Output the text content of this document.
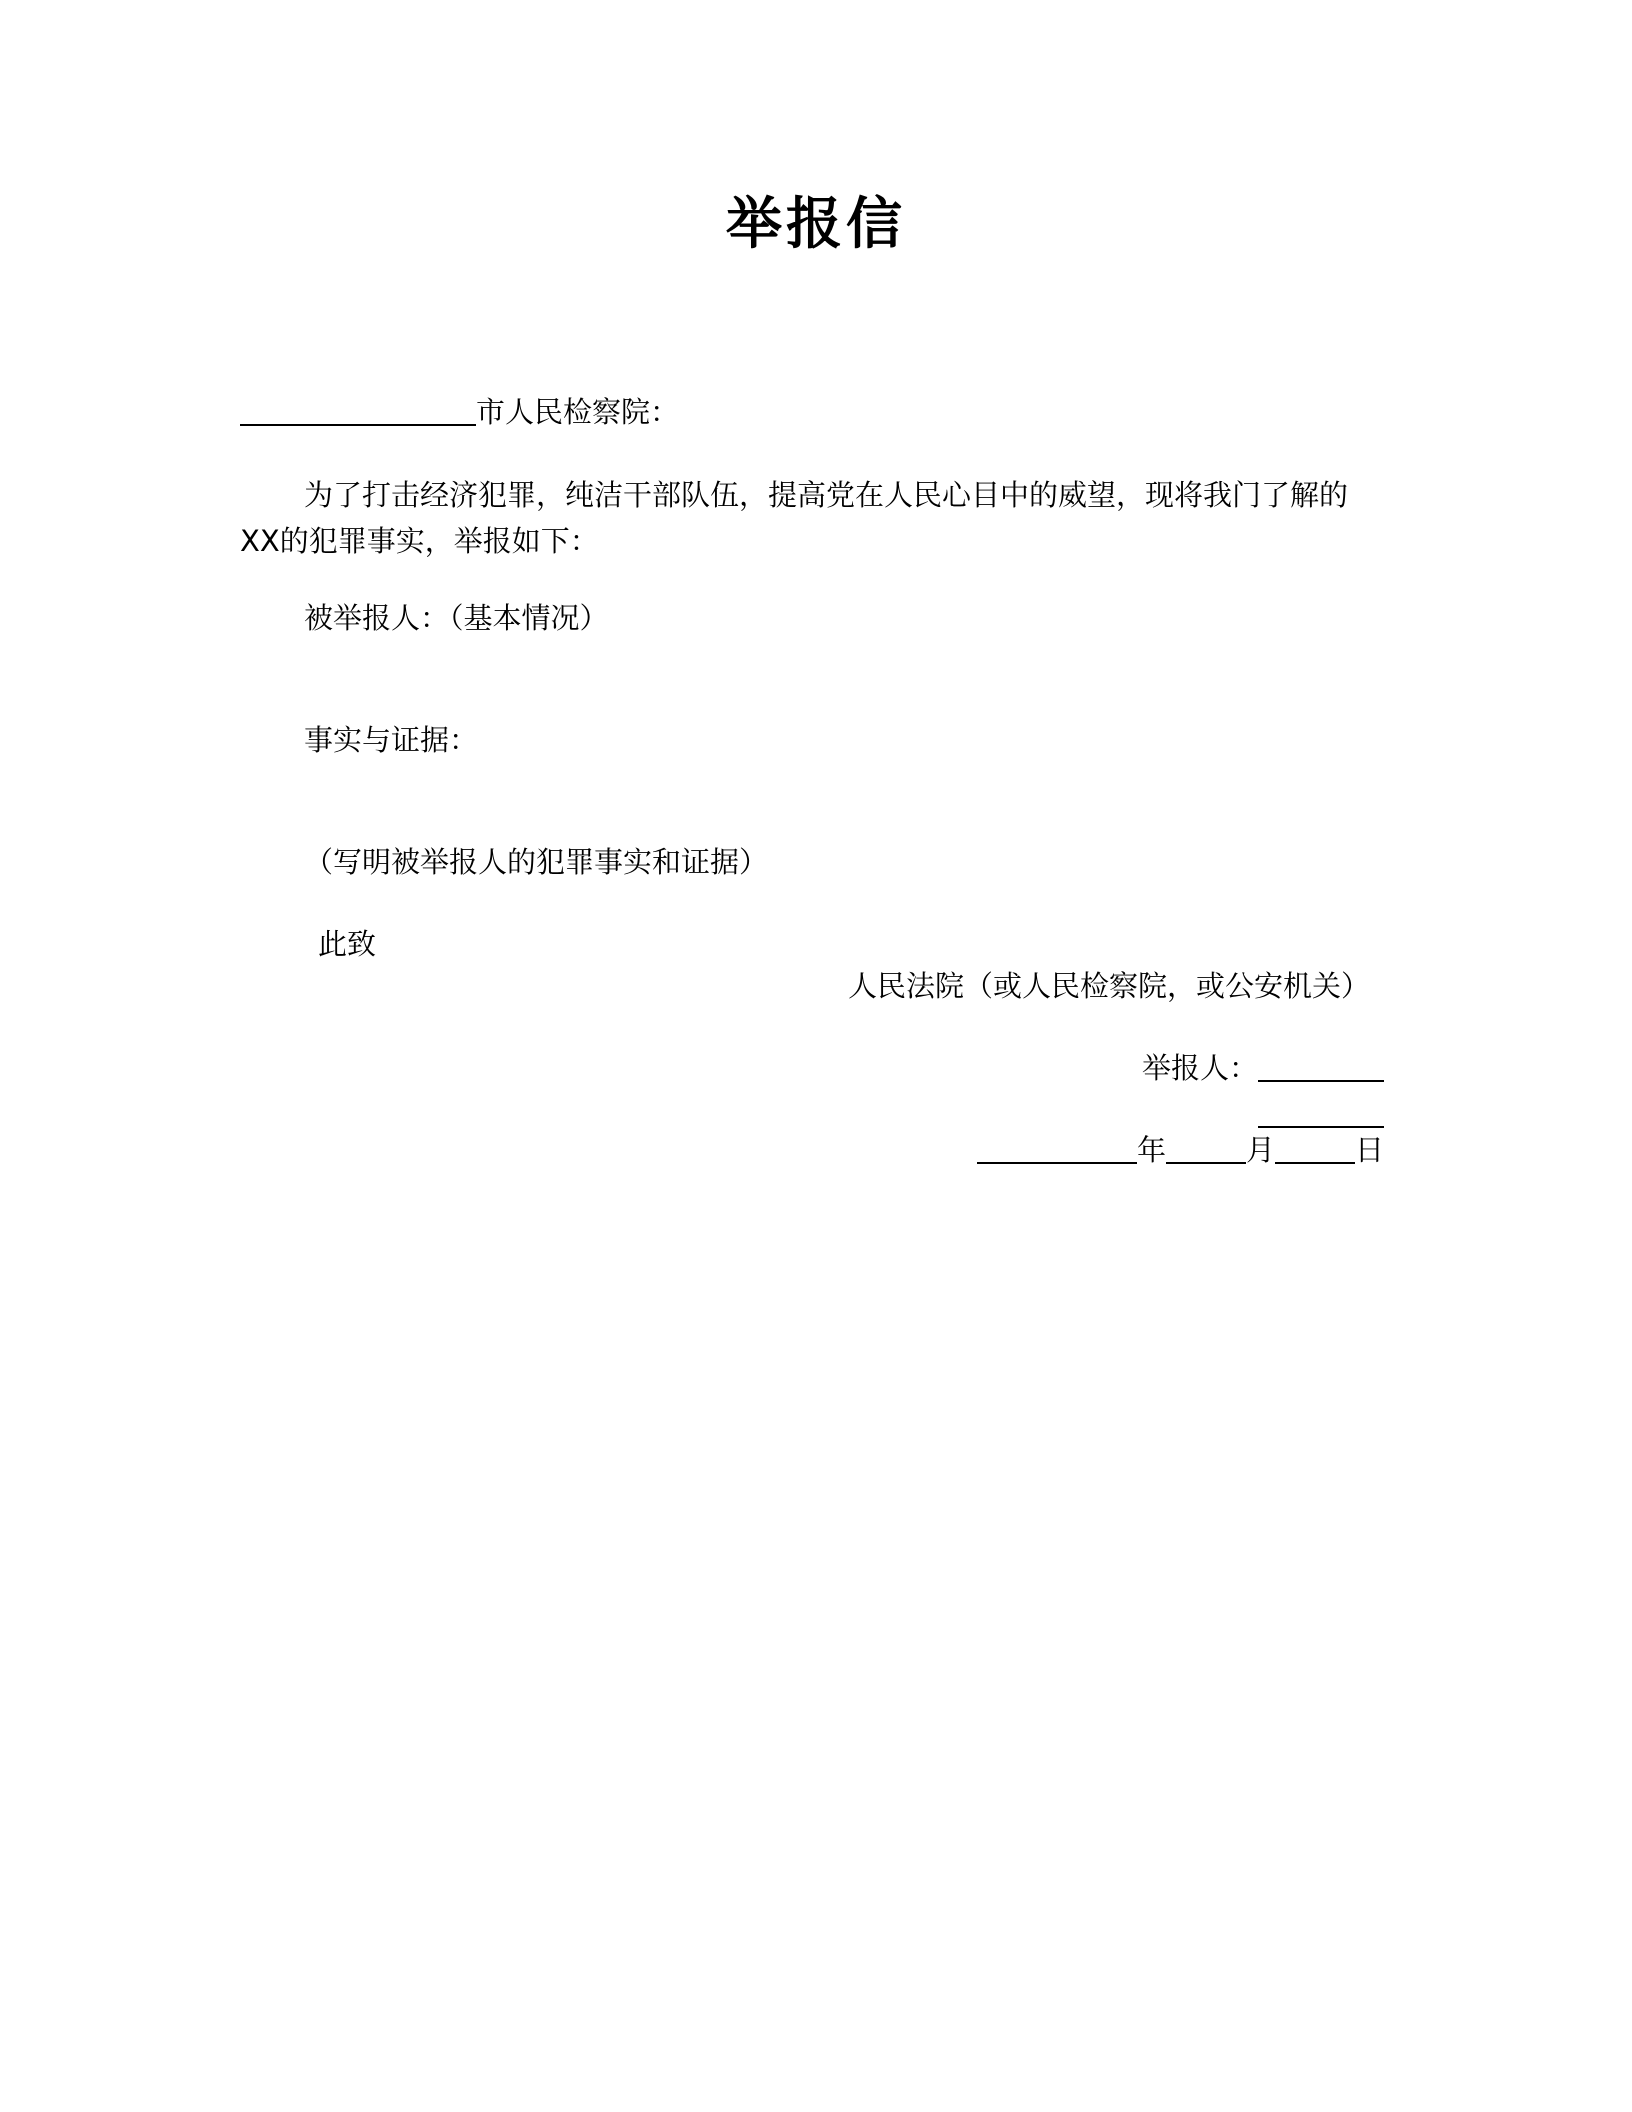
举报信
市人民检察院：
为了打击经济犯罪，纯洁干部队伍，提高党在人民心目中的威望，现将我门了解的XX的犯罪事实，举报如下：
被举报人：（基本情况）
事实与证据：
（写明被举报人的犯罪事实和证据）
此致
人民法院（或人民检察院，或公安机关）
举报人：
年	月	日
